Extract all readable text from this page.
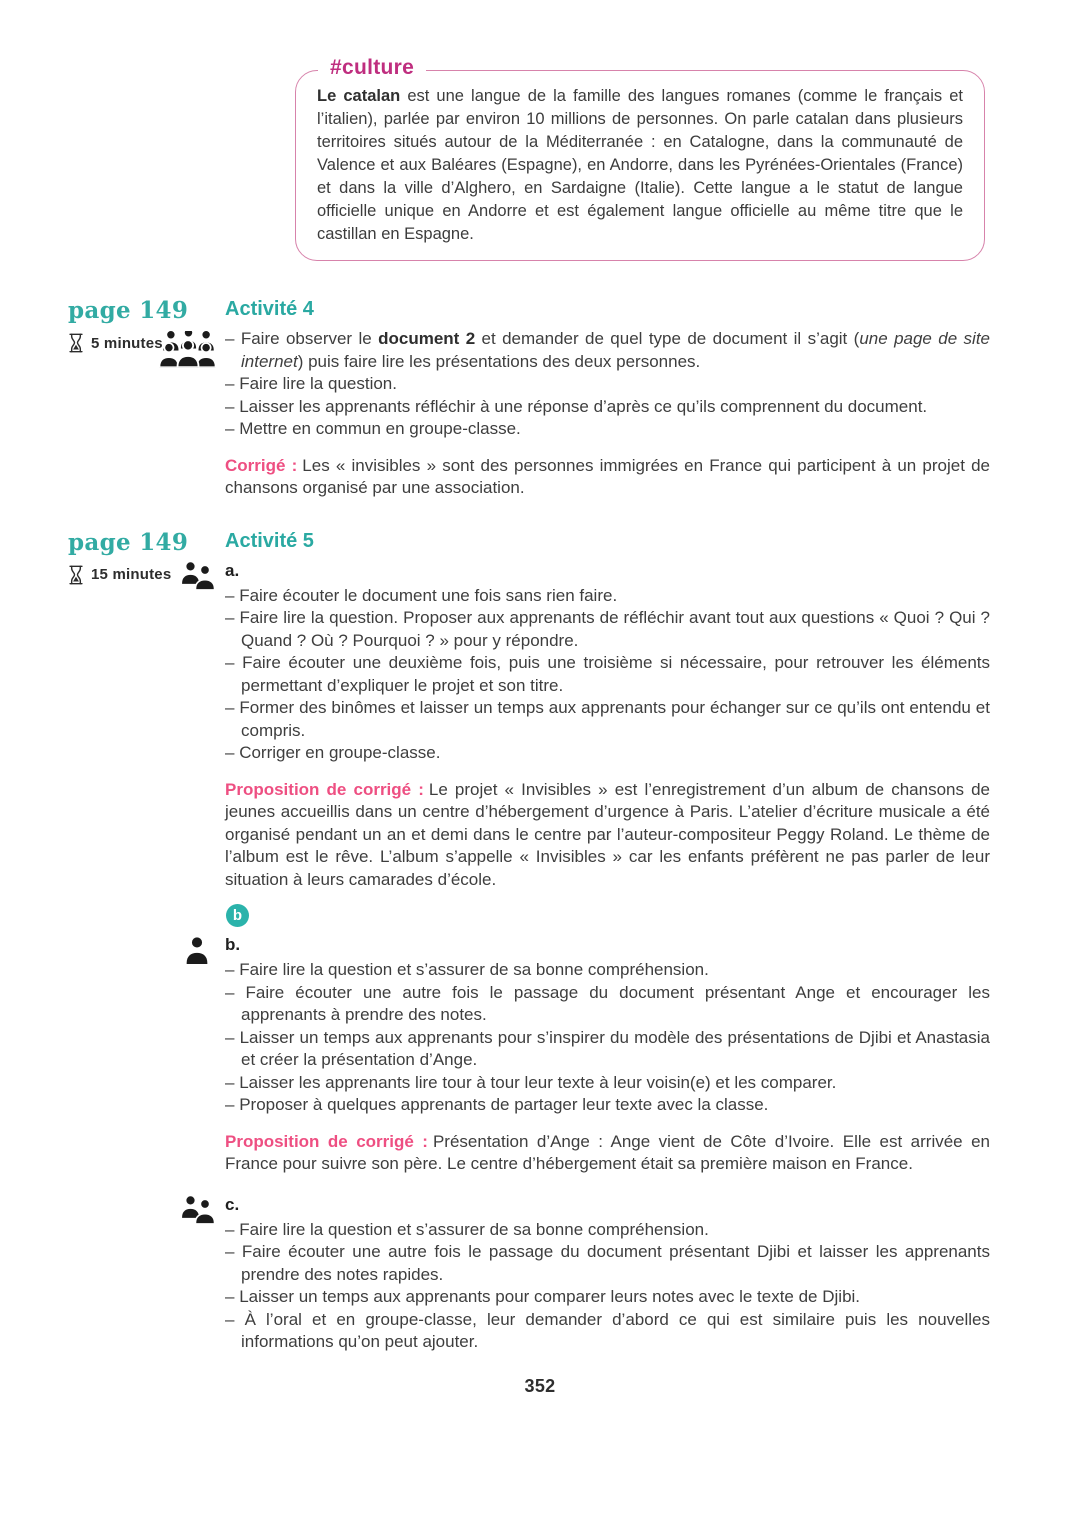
#culture

Le catalan est une langue de la famille des langues romanes (comme le français et l’italien), parlée par environ 10 millions de personnes. On parle catalan dans plusieurs territoires situés autour de la Méditerranée : en Catalogne, dans la communauté de Valence et aux Baléares (Espagne), en Andorre, dans les Pyrénées-Orientales (France) et dans la ville d’Alghero, en Sardaigne (Italie). Cette langue a le statut de langue officielle unique en Andorre et est également langue officielle au même titre que le castillan en Espagne.

page 149
5 minutes
Activité 4
– Faire observer le document 2 et demander de quel type de document il s’agit (une page de site internet) puis faire lire les présentations des deux personnes.
– Faire lire la question.
– Laisser les apprenants réfléchir à une réponse d’après ce qu’ils comprennent du document.
– Mettre en commun en groupe-classe.

Corrigé : Les « invisibles » sont des personnes immigrées en France qui participent à un projet de chansons organisé par une association.

page 149
15 minutes
Activité 5
a.
– Faire écouter le document une fois sans rien faire.
– Faire lire la question. Proposer aux apprenants de réfléchir avant tout aux questions « Quoi ? Qui ? Quand ? Où ? Pourquoi ? » pour y répondre.
– Faire écouter une deuxième fois, puis une troisième si nécessaire, pour retrouver les éléments permettant d’expliquer le projet et son titre.
– Former des binômes et laisser un temps aux apprenants pour échanger sur ce qu’ils ont entendu et compris.
– Corriger en groupe-classe.

Proposition de corrigé : Le projet « Invisibles » est l’enregistrement d’un album de chansons de jeunes accueillis dans un centre d’hébergement d’urgence à Paris. L’atelier d’écriture musicale a été organisé pendant un an et demi dans le centre par l’auteur-compositeur Peggy Roland. Le thème de l’album est le rêve. L’album s’appelle « Invisibles » car les enfants préfèrent ne pas parler de leur situation à leurs camarades d’école.

b
b.
– Faire lire la question et s’assurer de sa bonne compréhension.
– Faire écouter une autre fois le passage du document présentant Ange et encourager les apprenants à prendre des notes.
– Laisser un temps aux apprenants pour s’inspirer du modèle des présentations de Djibi et Anastasia et créer la présentation d’Ange.
– Laisser les apprenants lire tour à tour leur texte à leur voisin(e) et les comparer.
– Proposer à quelques apprenants de partager leur texte avec la classe.

Proposition de corrigé : Présentation d’Ange : Ange vient de Côte d’Ivoire. Elle est arrivée en France pour suivre son père. Le centre d’hébergement était sa première maison en France.

c.
– Faire lire la question et s’assurer de sa bonne compréhension.
– Faire écouter une autre fois le passage du document présentant Djibi et laisser les apprenants prendre des notes rapides.
– Laisser un temps aux apprenants pour comparer leurs notes avec le texte de Djibi.
– À l’oral et en groupe-classe, leur demander d’abord ce qui est similaire puis les nouvelles informations qu’on peut ajouter.
352
